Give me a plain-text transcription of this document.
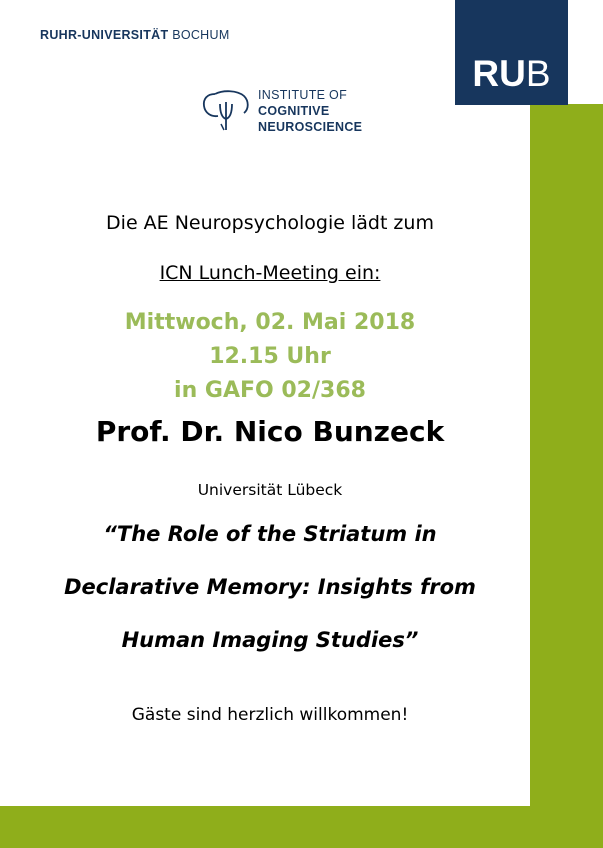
RUB
RUHR-UNIVERSITÄT BOCHUM
INSTITUTE OF
COGNITIVE
NEUROSCIENCE
Die AE Neuropsychologie lädt zum
ICN Lunch-Meeting ein:
Mittwoch, 02. Mai 2018
12.15 Uhr
in GAFO 02/368
Prof. Dr. Nico Bunzeck
Universität Lübeck
“The Role of the Striatum in
Declarative Memory: Insights from
Human Imaging Studies”
Gäste sind herzlich willkommen!
